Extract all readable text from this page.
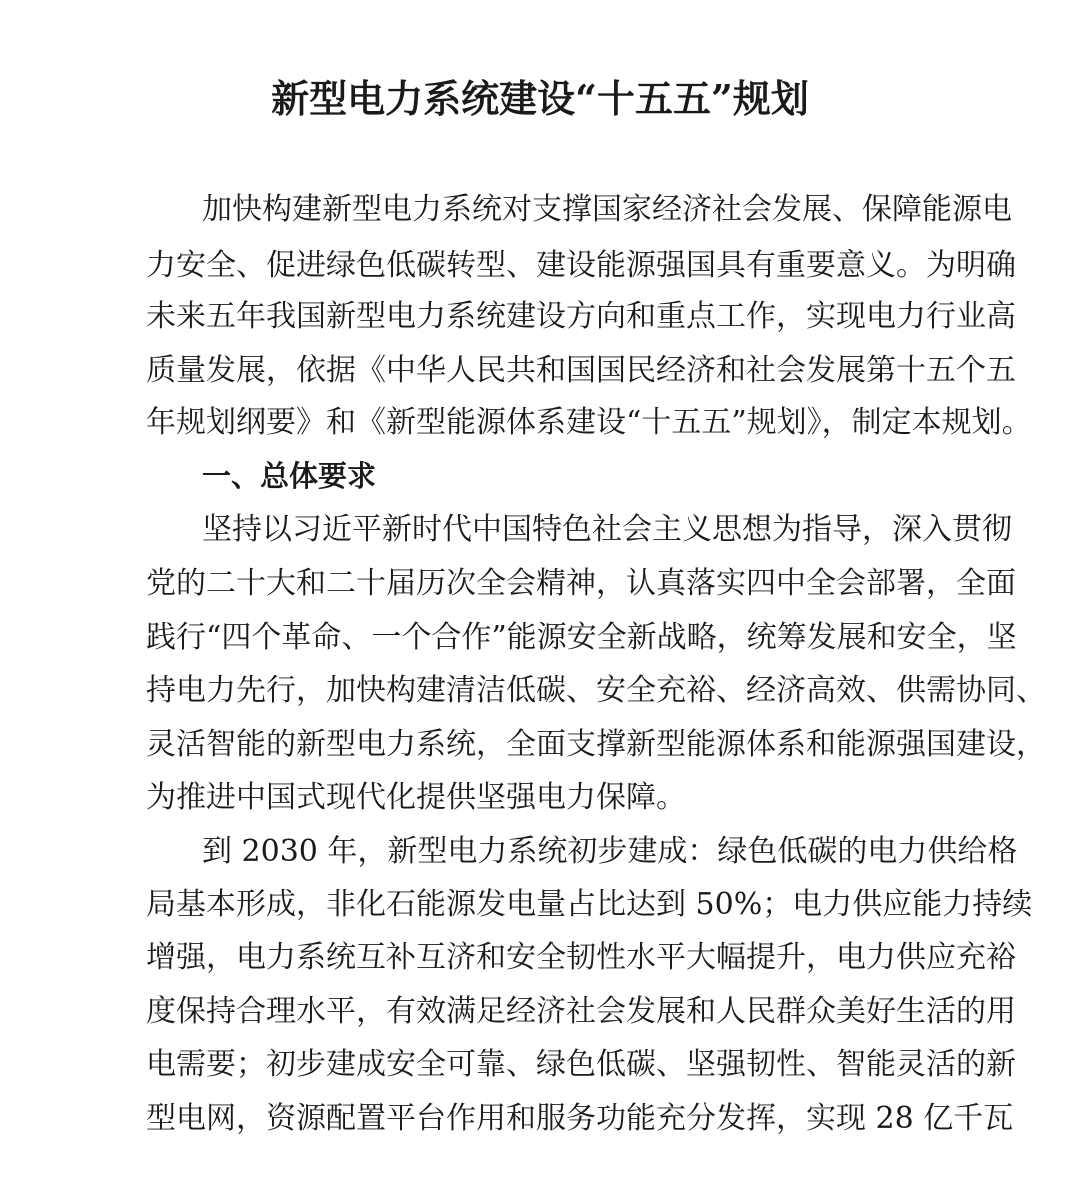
新型电力系统建设“十五五”规划
加快构建新型电力系统对支撑国家经济社会发展、保障能源电
力安全、促进绿色低碳转型、建设能源强国具有重要意义。为明确
未来五年我国新型电力系统建设方向和重点工作，实现电力行业高
质量发展，依据《中华人民共和国国民经济和社会发展第十五个五
年规划纲要》和《新型能源体系建设“十五五”规划》，制定本规划。
一、总体要求
坚持以习近平新时代中国特色社会主义思想为指导，深入贯彻
党的二十大和二十届历次全会精神，认真落实四中全会部署，全面
践行“四个革命、一个合作”能源安全新战略，统筹发展和安全，坚
持电力先行，加快构建清洁低碳、安全充裕、经济高效、供需协同、
灵活智能的新型电力系统，全面支撑新型能源体系和能源强国建设，
为推进中国式现代化提供坚强电力保障。
到 2030 年，新型电力系统初步建成：绿色低碳的电力供给格
局基本形成，非化石能源发电量占比达到 50%；电力供应能力持续
增强，电力系统互补互济和安全韧性水平大幅提升，电力供应充裕
度保持合理水平，有效满足经济社会发展和人民群众美好生活的用
电需要；初步建成安全可靠、绿色低碳、坚强韧性、智能灵活的新
型电网，资源配置平台作用和服务功能充分发挥，实现 28 亿千瓦
